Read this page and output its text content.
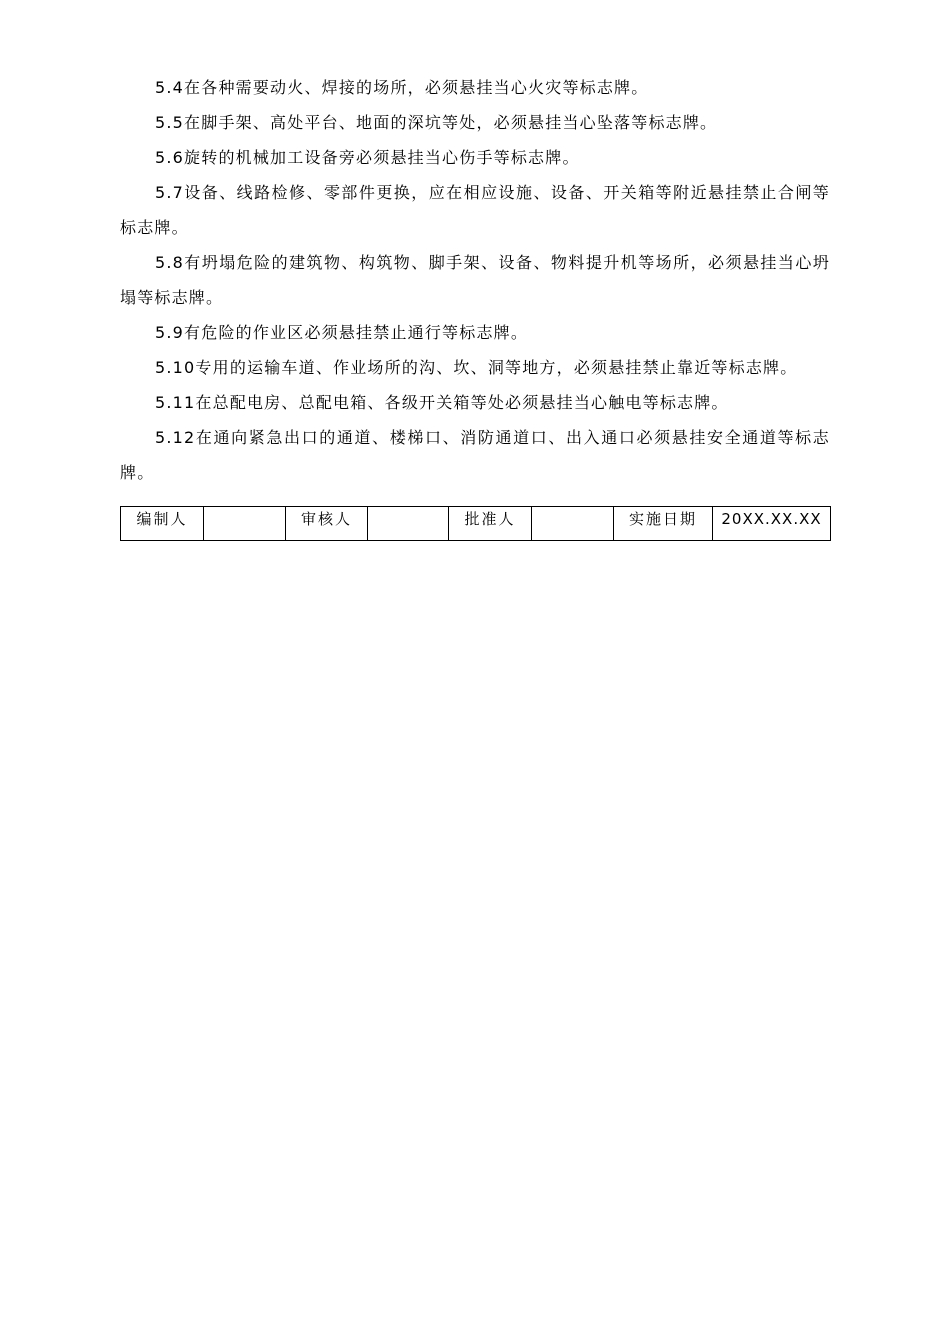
5.4在各种需要动火、焊接的场所，必须悬挂当心火灾等标志牌。

5.5在脚手架、高处平台、地面的深坑等处，必须悬挂当心坠落等标志牌。

5.6旋转的机械加工设备旁必须悬挂当心伤手等标志牌。

5.7设备、线路检修、零部件更换，应在相应设施、设备、开关箱等附近悬挂禁止合闸等标志牌。

5.8有坍塌危险的建筑物、构筑物、脚手架、设备、物料提升机等场所，必须悬挂当心坍塌等标志牌。

5.9有危险的作业区必须悬挂禁止通行等标志牌。

5.10专用的运输车道、作业场所的沟、坎、洞等地方，必须悬挂禁止靠近等标志牌。

5.11在总配电房、总配电箱、各级开关箱等处必须悬挂当心触电等标志牌。

5.12在通向紧急出口的通道、楼梯口、消防通道口、出入通口必须悬挂安全通道等标志牌。

编制人		审核人		批准人		实施日期	20XX.XX.XX
